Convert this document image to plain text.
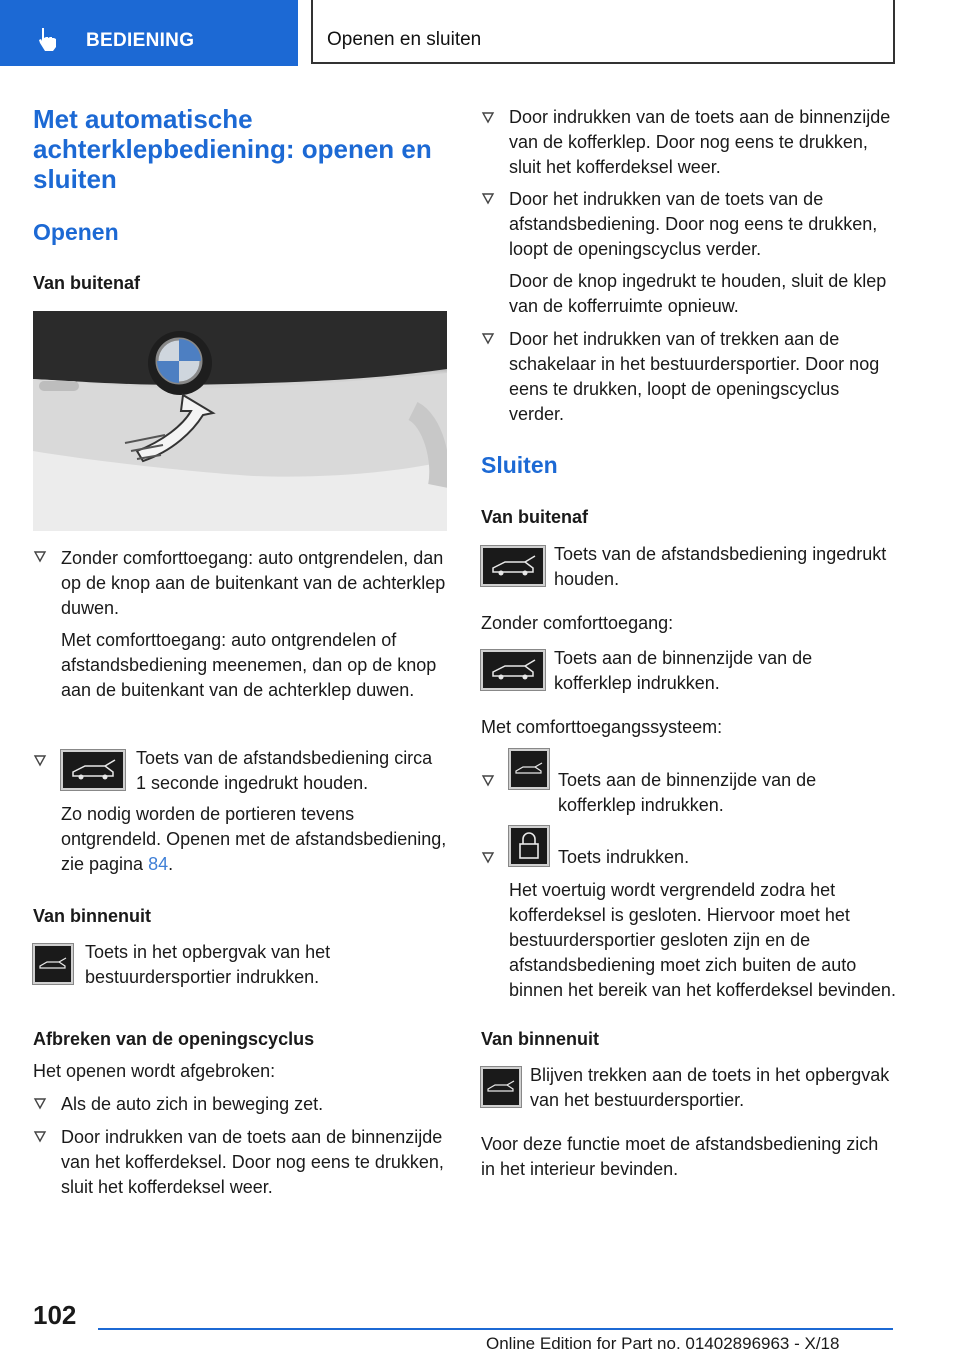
BEDIENING	Openen en sluiten
Met automatische achterklepbediening: openen en sluiten
Openen
Van buitenaf
Zonder comforttoegang: auto ontgrendelen, dan op de knop aan de buitenkant van de achterklep duwen.
Met comforttoegang: auto ontgrendelen of afstandsbediening meenemen, dan op de knop aan de buitenkant van de achterklep duwen.
Toets van de afstandsbediening circa 1 seconde ingedrukt houden.
Zo nodig worden de portieren tevens ontgrendeld. Openen met de afstandsbediening, zie pagina 84.
Van binnenuit
Toets in het opbergvak van het bestuurdersportier indrukken.
Afbreken van de openingscyclus
Het openen wordt afgebroken:
Als de auto zich in beweging zet.
Door indrukken van de toets aan de binnenzijde van het kofferdeksel. Door nog eens te drukken, sluit het kofferdeksel weer.
Door indrukken van de toets aan de binnenzijde van de kofferklep. Door nog eens te drukken, sluit het kofferdeksel weer.
Door het indrukken van de toets van de afstandsbediening. Door nog eens te drukken, loopt de openingscyclus verder.
Door de knop ingedrukt te houden, sluit de klep van de kofferruimte opnieuw.
Door het indrukken van of trekken aan de schakelaar in het bestuurdersportier. Door nog eens te drukken, loopt de openingscyclus verder.
Sluiten
Van buitenaf
Toets van de afstandsbediening ingedrukt houden.
Zonder comforttoegang:
Toets aan de binnenzijde van de kofferklep indrukken.
Met comforttoegangssysteem:
Toets aan de binnenzijde van de kofferklep indrukken.
Toets indrukken.
Het voertuig wordt vergrendeld zodra het kofferdeksel is gesloten. Hiervoor moet het bestuurdersportier gesloten zijn en de afstandsbediening moet zich buiten de auto binnen het bereik van het kofferdeksel bevinden.
Van binnenuit
Blijven trekken aan de toets in het opbergvak van het bestuurdersportier.
Voor deze functie moet de afstandsbediening zich in het interieur bevinden.
102
Online Edition for Part no. 01402896963 - X/18
